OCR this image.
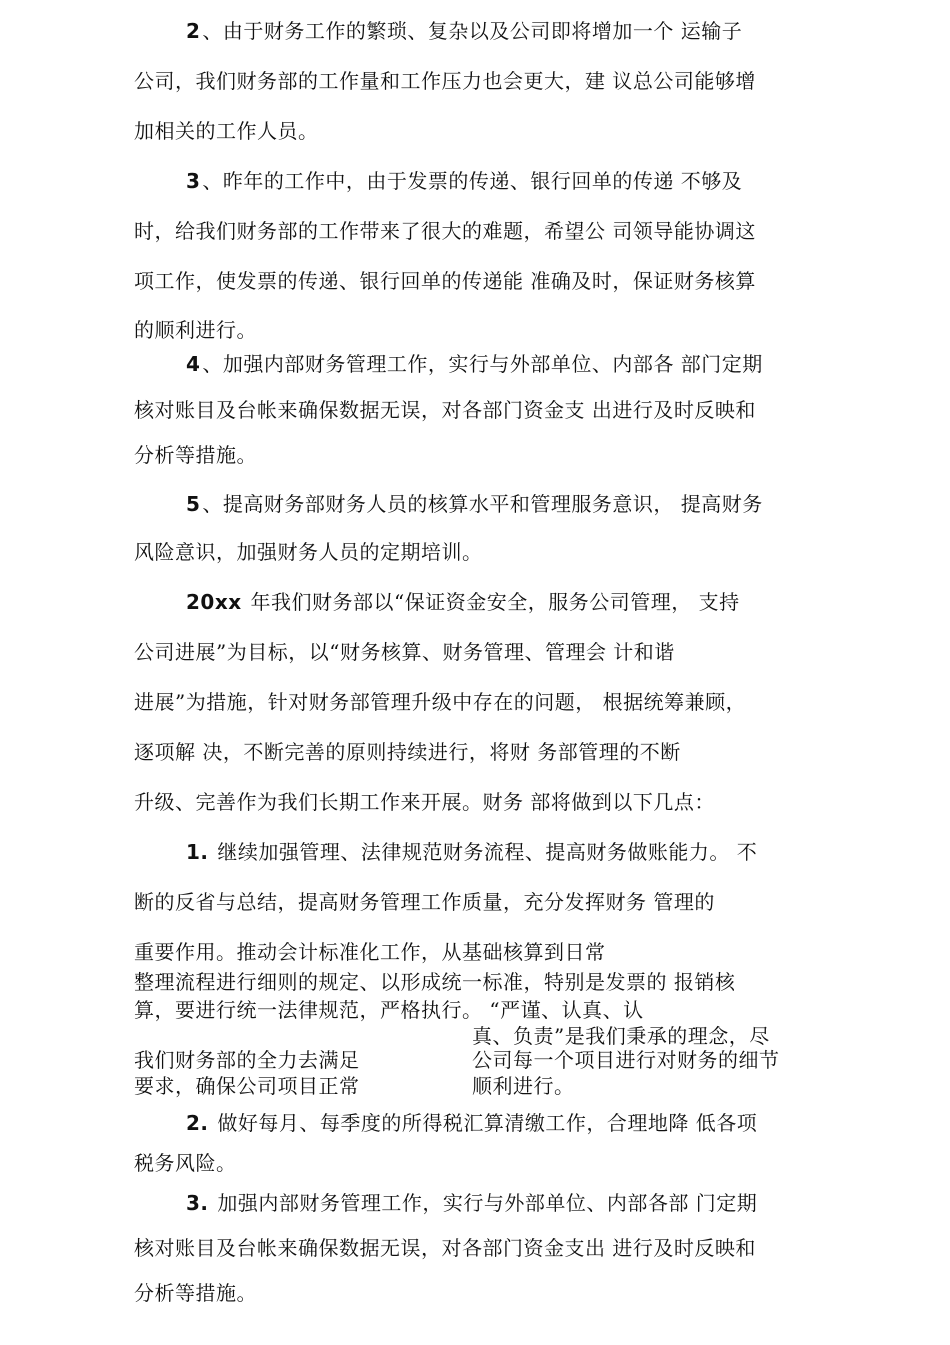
2 、由于财务工作的繁琐、复杂以及公司即将增加一个 运输子
公司，我们财务部的工作量和工作压力也会更大，建 议总公司能够增
加相关的工作人员。
3 、昨年的工作中，由于发票的传递、银行回单的传递 不够及
时，给我们财务部的工作带来了很大的难题，希望公 司领导能协调这
项工作，使发票的传递、银行回单的传递能 准确及时，保证财务核算
的顺利进行。
4 、加强内部财务管理工作，实行与外部单位、内部各 部门定期
核对账目及台帐来确保数据无误，对各部门资金支 出进行及时反映和
分析等措施。
5 、提高财务部财务人员的核算水平和管理服务意识， 提高财务
风险意识，加强财务人员的定期培训。
20xx 年我们财务部以“保证资金安全，服务公司管理， 支持
公司进展”为目标，以“财务核算、财务管理、管理会 计和谐
进展”为措施，针对财务部管理升级中存在的问题， 根据统筹兼顾，
逐项解 决，不断完善的原则持续进行，将财 务部管理的不断
升级、完善作为我们长期工作来开展。财务 部将做到以下几点：
1. 继续加强管理、法律规范财务流程、提高财务做账能力。 不
断的反省与总结，提高财务管理工作质量，充分发挥财务 管理的
重要作用。推动会计标准化工作，从基础核算到日常
整理流程进行细则的规定、以形成统一标准，特别是发票的 报销核
算，要进行统一法律规范，严格执行。 “严谨、认真、认
真、负责”是我们秉承的理念，尽
我们财务部的全力去满足	公司每一个项目进行对财务的细节
要求，确保公司项目正常	顺利进行。
2. 做好每月、每季度的所得税汇算清缴工作，合理地降 低各项
税务风险。
3. 加强内部财务管理工作，实行与外部单位、内部各部 门定期
核对账目及台帐来确保数据无误，对各部门资金支出 进行及时反映和
分析等措施。
